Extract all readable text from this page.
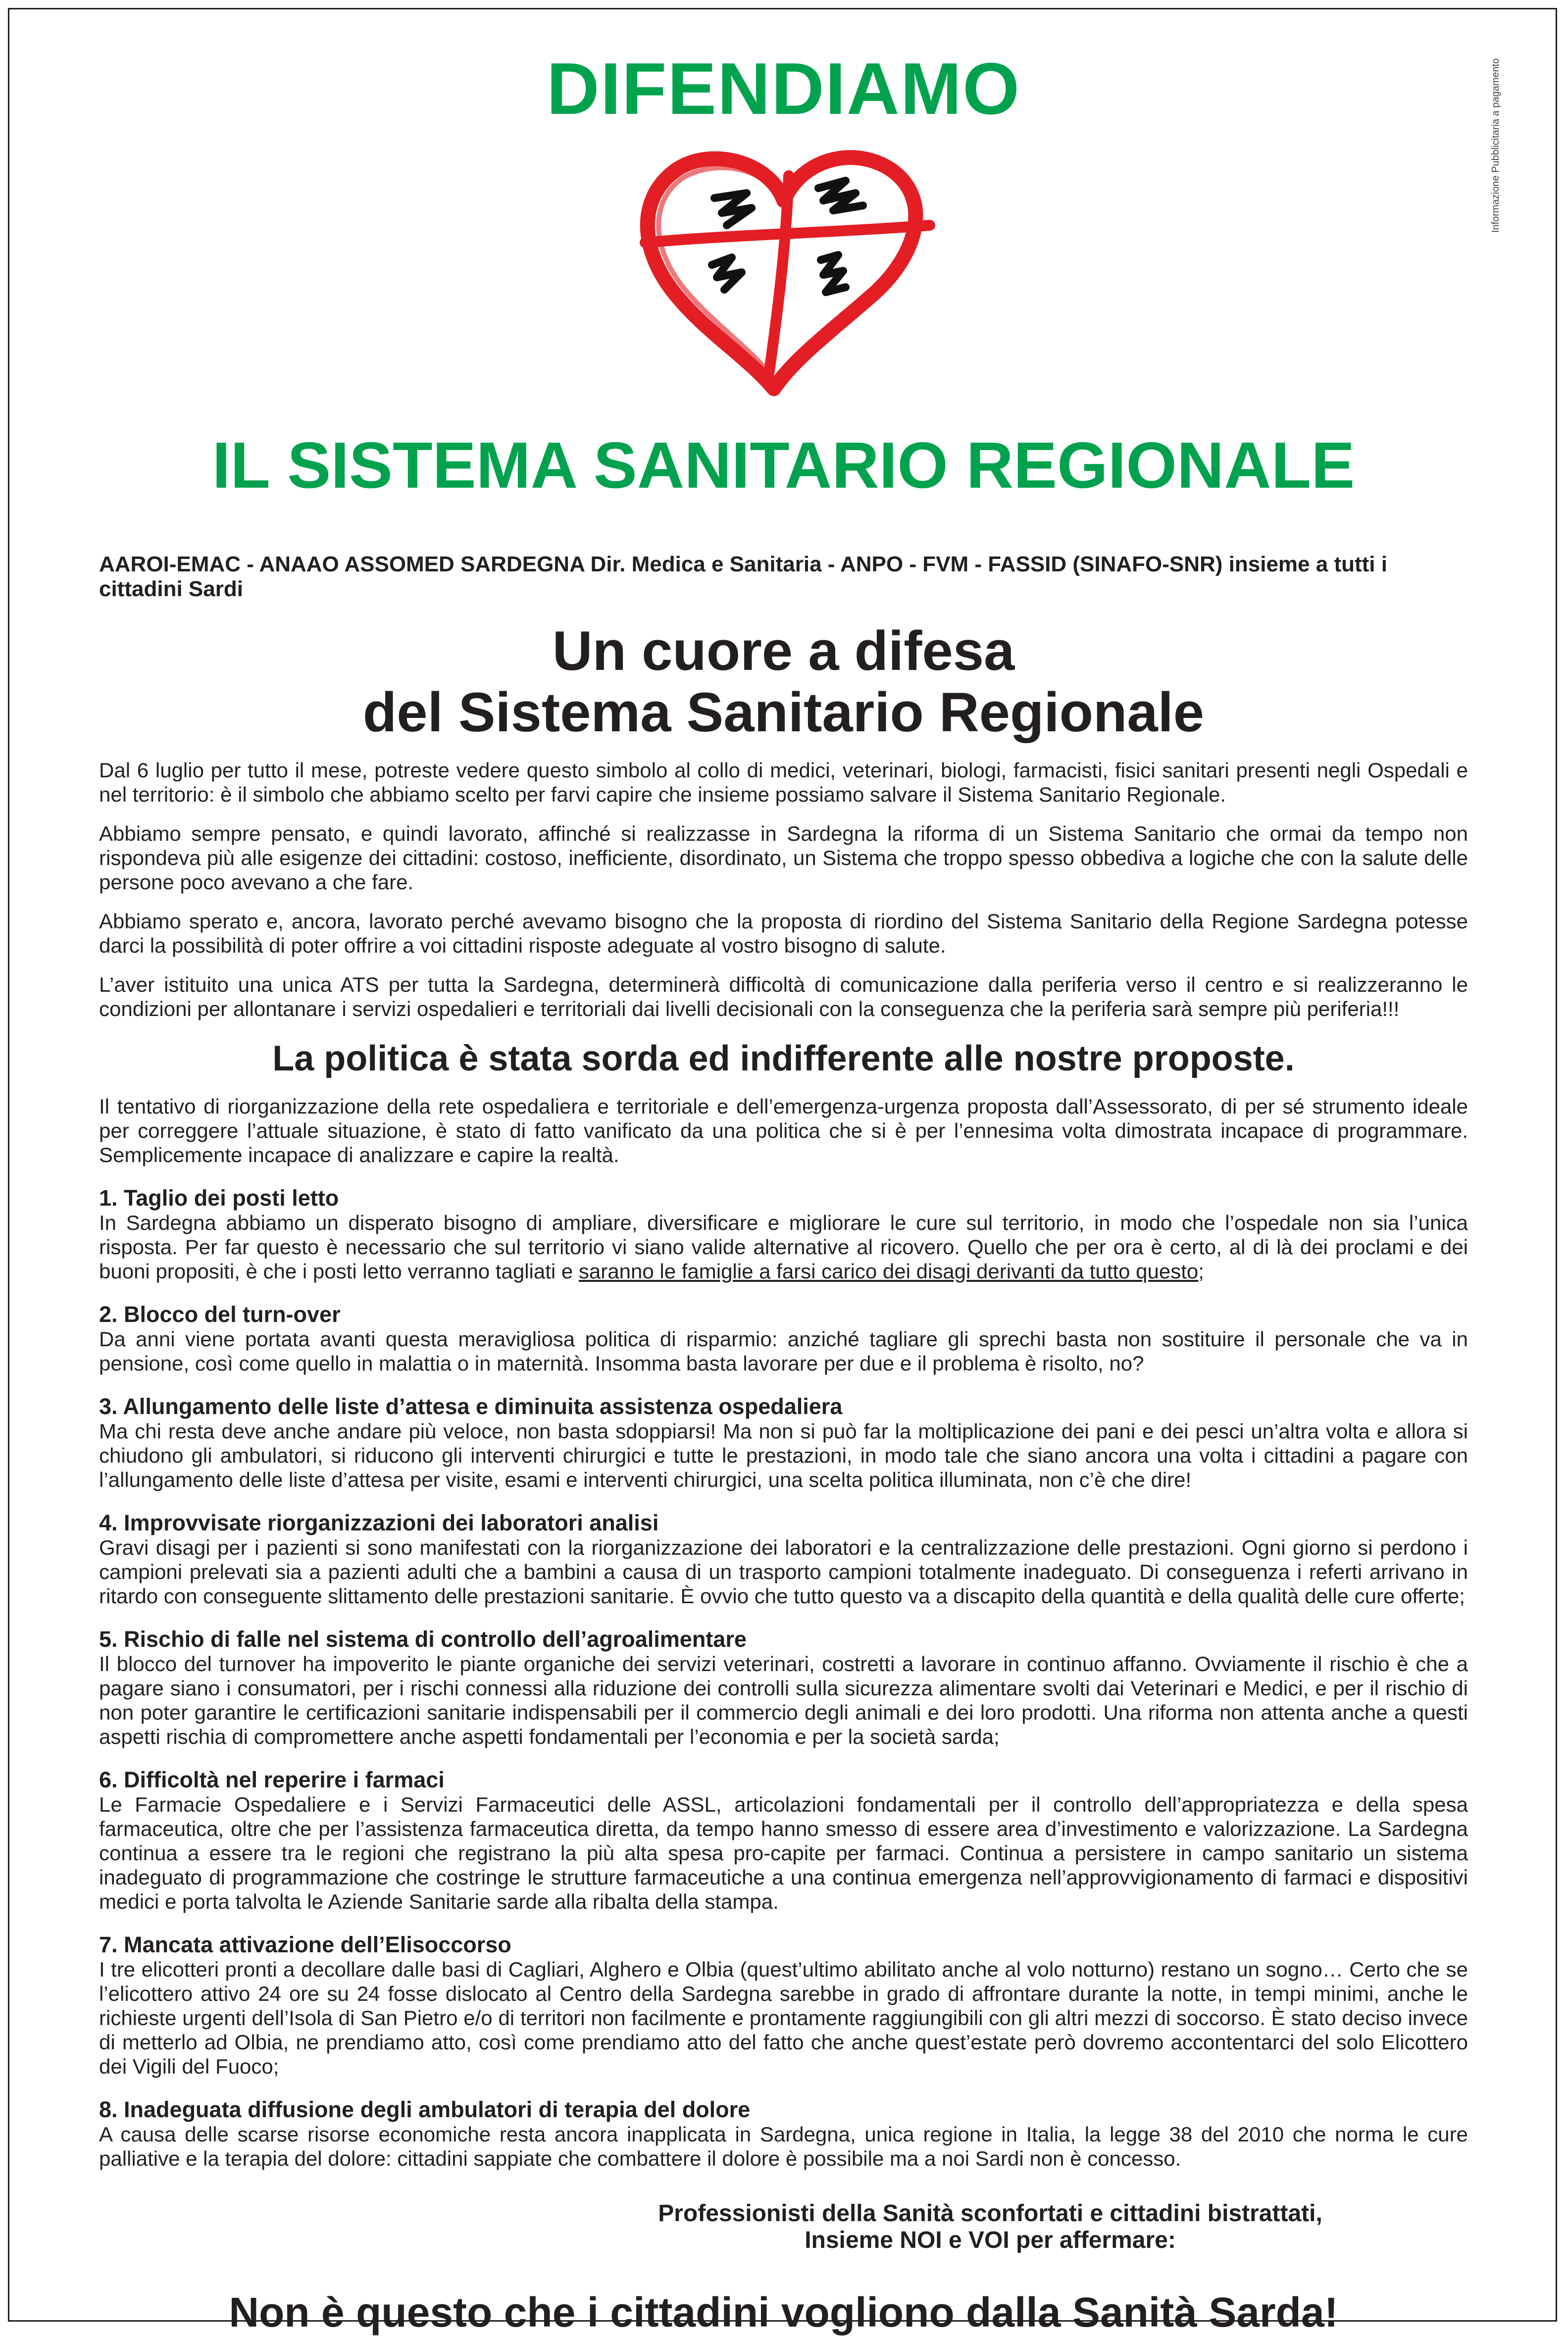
Informazione Pubblicitaria a pagamento
DIFENDIAMO
IL SISTEMA SANITARIO REGIONALE

AAROI-EMAC - ANAAO ASSOMED SARDEGNA Dir. Medica e Sanitaria - ANPO - FVM - FASSID (SINAFO-SNR) insieme a tutti i cittadini Sardi

Un cuore a difesa
del Sistema Sanitario Regionale

Dal 6 luglio per tutto il mese, potreste vedere questo simbolo al collo di medici, veterinari, biologi, farmacisti, fisici sanitari presenti negli Ospedali e nel territorio: è il simbolo che abbiamo scelto per farvi capire che insieme possiamo salvare il Sistema Sanitario Regionale.

Abbiamo sempre pensato, e quindi lavorato, affinché si realizzasse in Sardegna la riforma di un Sistema Sanitario che ormai da tempo non rispondeva più alle esigenze dei cittadini: costoso, inefficiente, disordinato, un Sistema che troppo spesso obbediva a logiche che con la salute delle persone poco avevano a che fare.

Abbiamo sperato e, ancora, lavorato perché avevamo bisogno che la proposta di riordino del Sistema Sanitario della Regione Sardegna potesse darci la possibilità di poter offrire a voi cittadini risposte adeguate al vostro bisogno di salute.

L’aver istituito una unica ATS per tutta la Sardegna, determinerà difficoltà di comunicazione dalla periferia verso il centro e si realizzeranno le condizioni per allontanare i servizi ospedalieri e territoriali dai livelli decisionali con la conseguenza che la periferia sarà sempre più periferia!!!

La politica è stata sorda ed indifferente alle nostre proposte.

Il tentativo di riorganizzazione della rete ospedaliera e territoriale e dell’emergenza-urgenza proposta dall’Assessorato, di per sé strumento ideale per correggere l’attuale situazione, è stato di fatto vanificato da una politica che si è per l’ennesima volta dimostrata incapace di programmare. Semplicemente incapace di analizzare e capire la realtà.

1. Taglio dei posti letto

In Sardegna abbiamo un disperato bisogno di ampliare, diversificare e migliorare le cure sul territorio, in modo che l’ospedale non sia l’unica risposta. Per far questo è necessario che sul territorio vi siano valide alternative al ricovero. Quello che per ora è certo, al di là dei proclami e dei buoni propositi, è che i posti letto verranno tagliati e saranno le famiglie a farsi carico dei disagi derivanti da tutto questo;

2. Blocco del turn-over

Da anni viene portata avanti questa meravigliosa politica di risparmio: anziché tagliare gli sprechi basta non sostituire il personale che va in pensione, così come quello in malattia o in maternità. Insomma basta lavorare per due e il problema è risolto, no?

3. Allungamento delle liste d’attesa e diminuita assistenza ospedaliera

Ma chi resta deve anche andare più veloce, non basta sdoppiarsi! Ma non si può far la moltiplicazione dei pani e dei pesci un’altra volta e allora si chiudono gli ambulatori, si riducono gli interventi chirurgici e tutte le prestazioni, in modo tale che siano ancora una volta i cittadini a pagare con l’allungamento delle liste d’attesa per visite, esami e interventi chirurgici, una scelta politica illuminata, non c’è che dire!

4. Improvvisate riorganizzazioni dei laboratori analisi

Gravi disagi per i pazienti si sono manifestati con la riorganizzazione dei laboratori e la centralizzazione delle prestazioni. Ogni giorno si perdono i campioni prelevati sia a pazienti adulti che a bambini a causa di un trasporto campioni totalmente inadeguato. Di conseguenza i referti arrivano in ritardo con conseguente slittamento delle prestazioni sanitarie. È ovvio che tutto questo va a discapito della quantità e della qualità delle cure offerte;

5. Rischio di falle nel sistema di controllo dell’agroalimentare

Il blocco del turnover ha impoverito le piante organiche dei servizi veterinari, costretti a lavorare in continuo affanno. Ovviamente il rischio è che a pagare siano i consumatori, per i rischi connessi alla riduzione dei controlli sulla sicurezza alimentare svolti dai Veterinari e Medici, e per il rischio di non poter garantire le certificazioni sanitarie indispensabili per il commercio degli animali e dei loro prodotti. Una riforma non attenta anche a questi aspetti rischia di compromettere anche aspetti fondamentali per l’economia e per la società sarda;

6. Difficoltà nel reperire i farmaci

Le Farmacie Ospedaliere e i Servizi Farmaceutici delle ASSL, articolazioni fondamentali per il controllo dell’appropriatezza e della spesa farmaceutica, oltre che per l’assistenza farmaceutica diretta, da tempo hanno smesso di essere area d’investimento e valorizzazione. La Sardegna continua a essere tra le regioni che registrano la più alta spesa pro-capite per farmaci. Continua a persistere in campo sanitario un sistema inadeguato di programmazione che costringe le strutture farmaceutiche a una continua emergenza nell’approvvigionamento di farmaci e dispositivi medici e porta talvolta le Aziende Sanitarie sarde alla ribalta della stampa.

7. Mancata attivazione dell’Elisoccorso

I tre elicotteri pronti a decollare dalle basi di Cagliari, Alghero e Olbia (quest’ultimo abilitato anche al volo notturno) restano un sogno… Certo che se l’elicottero attivo 24 ore su 24 fosse dislocato al Centro della Sardegna sarebbe in grado di affrontare durante la notte, in tempi minimi, anche le richieste urgenti dell’Isola di San Pietro e/o di territori non facilmente e prontamente raggiungibili con gli altri mezzi di soccorso. È stato deciso invece di metterlo ad Olbia, ne prendiamo atto, così come prendiamo atto del fatto che anche quest’estate però dovremo accontentarci del solo Elicottero dei Vigili del Fuoco;

8. Inadeguata diffusione degli ambulatori di terapia del dolore

A causa delle scarse risorse economiche resta ancora inapplicata in Sardegna, unica regione in Italia, la legge 38 del 2010 che norma le cure palliative e la terapia del dolore: cittadini sappiate che combattere il dolore è possibile ma a noi Sardi non è concesso.

Professionisti della Sanità sconfortati e cittadini bistrattati,
Insieme NOI e VOI per affermare:
Non è questo che i cittadini vogliono dalla Sanità Sarda!
